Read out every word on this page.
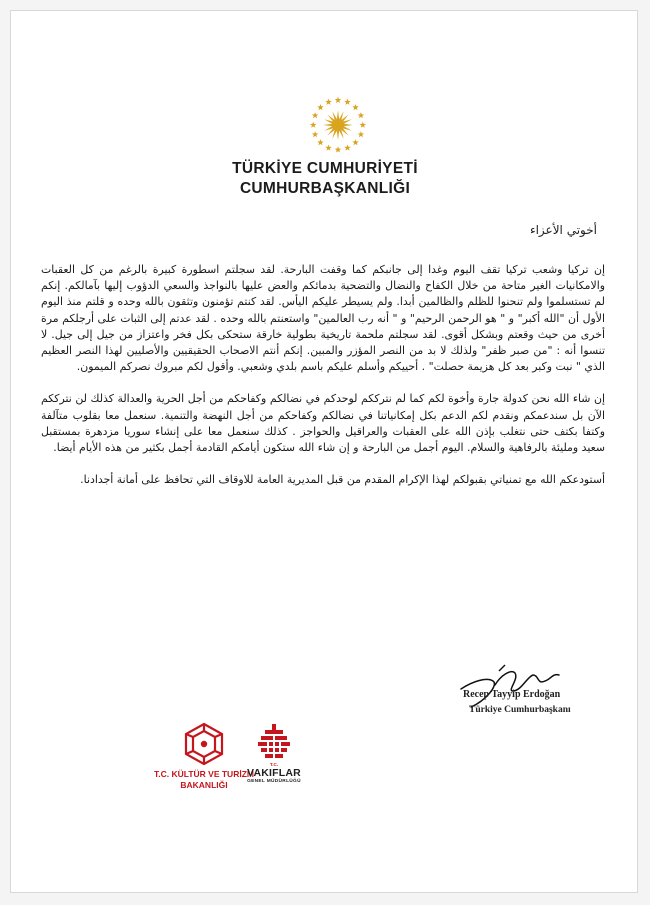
TÜRKİYE CUMHURİYETİ
CUMHURBAŞKANLIĞI
أخوتي الأعزاء

إن تركيا وشعب تركيا تقف اليوم وغدا إلى جانبكم كما وقفت البارحة. لقد سجلتم اسطورة كبيرة بالرغم من كل العقبات والامكانيات الغير متاحة من خلال الكفاح والنضال والتضحية بدمائكم والعض عليها بالنواجذ والسعي الدؤوب إليها بآمالكم. إنكم لم تستسلموا ولم تنحنوا للظلم والظالمين أبدا. ولم يسيطر عليكم اليأس. لقد كنتم تؤمنون وتثقون بالله وحده و قلتم منذ اليوم الأول أن "الله أكبر" و " هو الرحمن الرحيم" و " أنه رب العالمين" واستعنتم بالله وحده . لقد عدتم إلى الثبات على أرجلكم مرة أخرى من حيث وقعتم وبشكل أقوى. لقد سجلتم ملحمة تاريخية بطولية خارقة ستحكى بكل فخر واعتزاز من جيل إلى جيل. لا تنسوا أنه : "من صبر ظفر" ولذلك لا بد من النصر المؤزر والمبين. إنكم أنتم الاصحاب الحقيقيين والأصليين لهذا النصر العظيم الذي " نبت وكبر بعد كل هزيمة حصلت" . أحييكم وأسلم عليكم باسم بلدي وشعبي. وأقول لكم مبروك نصركم الميمون.

إن شاء الله نحن كدولة جارة وأخوة لكم كما لم نترككم لوحدكم في نضالكم وكفاحكم من أجل الحرية والعدالة كذلك لن نترككم الآن بل سندعمكم ونقدم لكم الدعم بكل إمكانياتنا في نضالكم وكفاحكم من أجل النهضة والتنمية. سنعمل معا بقلوب متآلفة وكتفا بكتف حتى نتغلب بإذن الله على العقبات والعراقيل والحواجز . كذلك سنعمل معا على إنشاء سوريا مزدهرة بمستقبل سعيد ومليئة بالرفاهية والسلام. اليوم أجمل من البارحة و إن شاء الله ستكون أيامكم القادمة أجمل بكثير من هذه الأيام أيضا.

أستودعكم الله مع تمنياتي بقبولكم لهذا الإكرام المقدم من قبل المديرية العامة للاوقاف التي تحافظ على أمانة أجدادنا.

Recep Tayyip Erdoğan
Türkiye Cumhurbaşkanı
T.C. KÜLTÜR VE TURİZM
BAKANLIĞI
T.C.
VAKIFLAR
GENEL MÜDÜRLÜĞÜ
